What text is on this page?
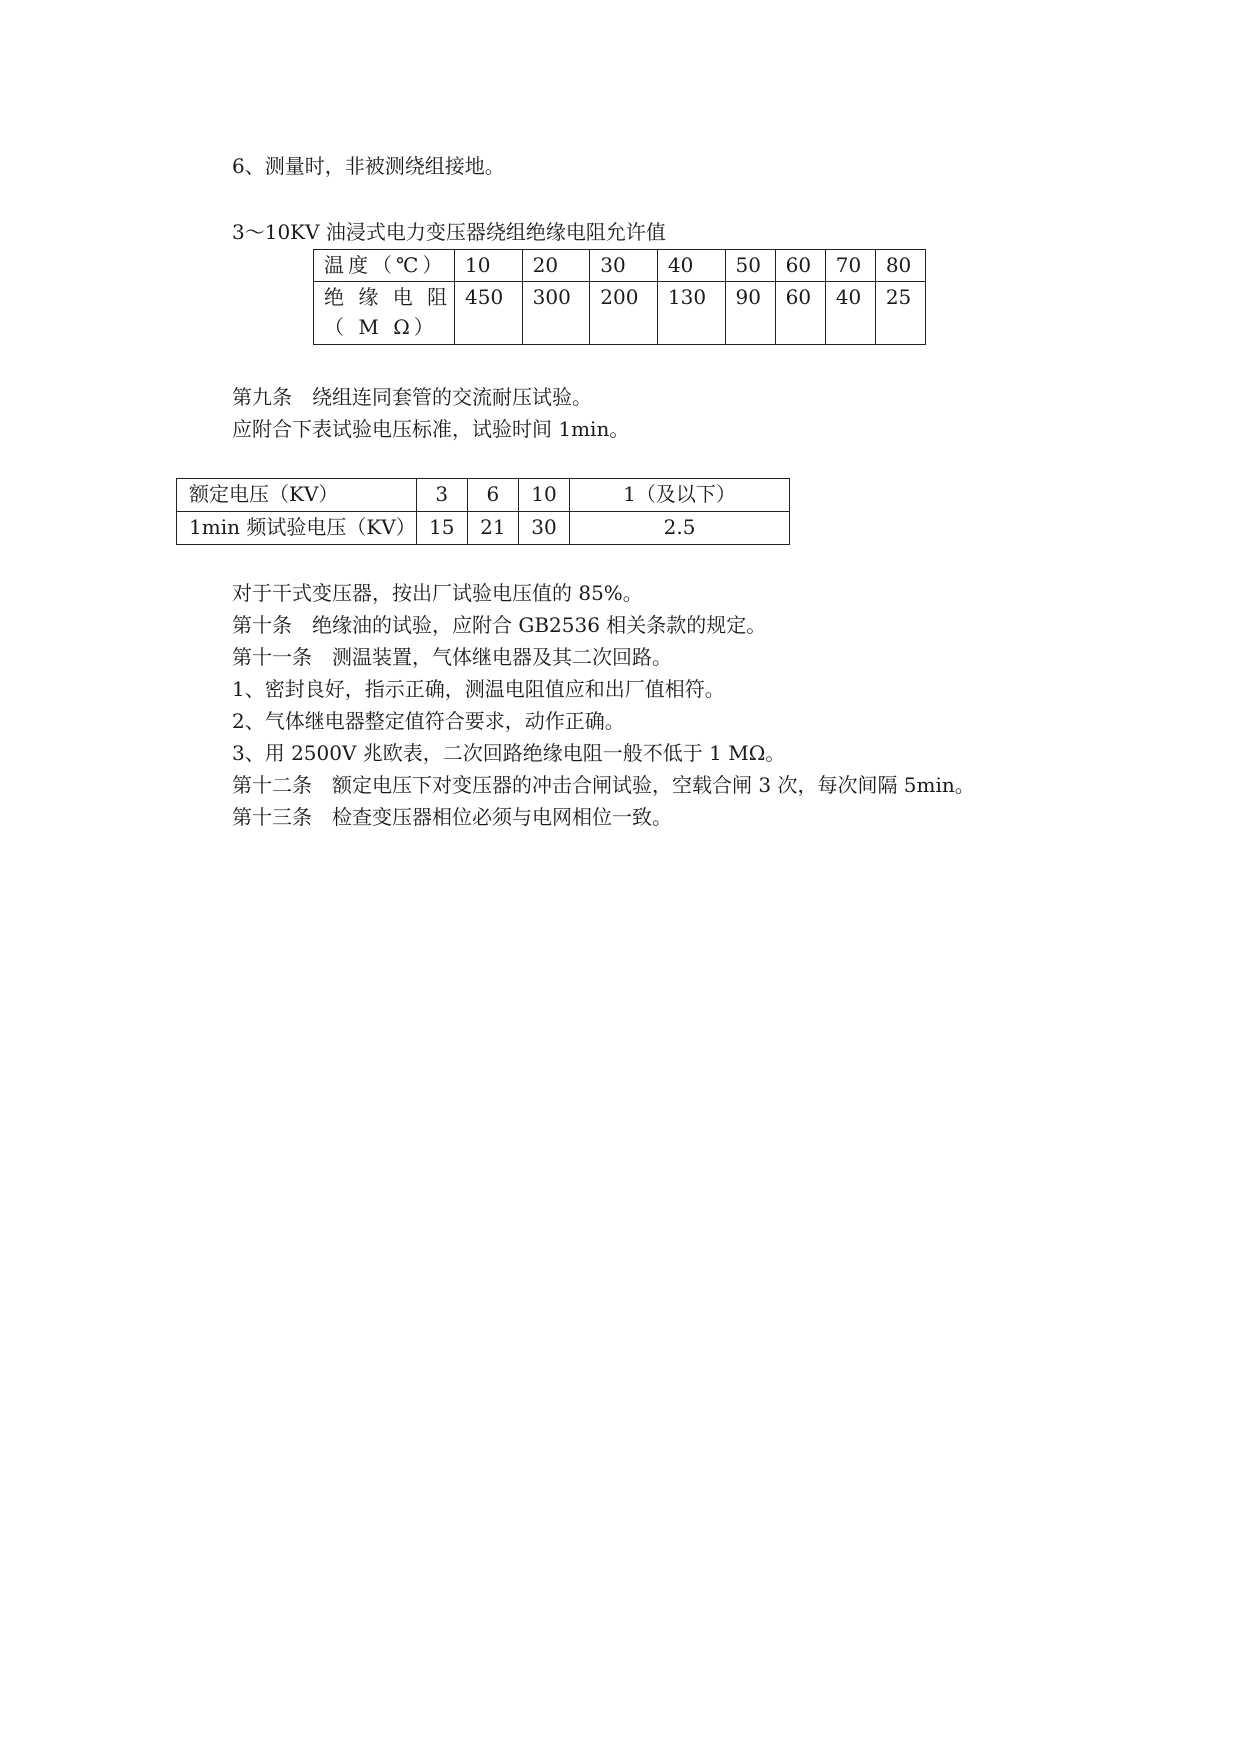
6、测量时，非被测绕组接地。
3～10KV 油浸式电力变压器绕组绝缘电阻允许值
温度（℃）	10	20	30	40	50	60	70	80
绝 缘 电 阻 （ M Ω）	450	300	200	130	90	60	40	25
第九条　绕组连同套管的交流耐压试验。
应附合下表试验电压标准，试验时间 1min。
额定电压（KV）	3	6	10	1（及以下）
1min 频试验电压（KV）	15	21	30	2.5
对于干式变压器，按出厂试验电压值的 85%。
第十条　绝缘油的试验，应附合 GB2536 相关条款的规定。
第十一条　测温装置，气体继电器及其二次回路。
1、密封良好，指示正确，测温电阻值应和出厂值相符。
2、气体继电器整定值符合要求，动作正确。
3、用 2500V 兆欧表，二次回路绝缘电阻一般不低于 1 MΩ。
第十二条　额定电压下对变压器的冲击合闸试验，空载合闸 3 次，每次间隔 5min。
第十三条　检查变压器相位必须与电网相位一致。
